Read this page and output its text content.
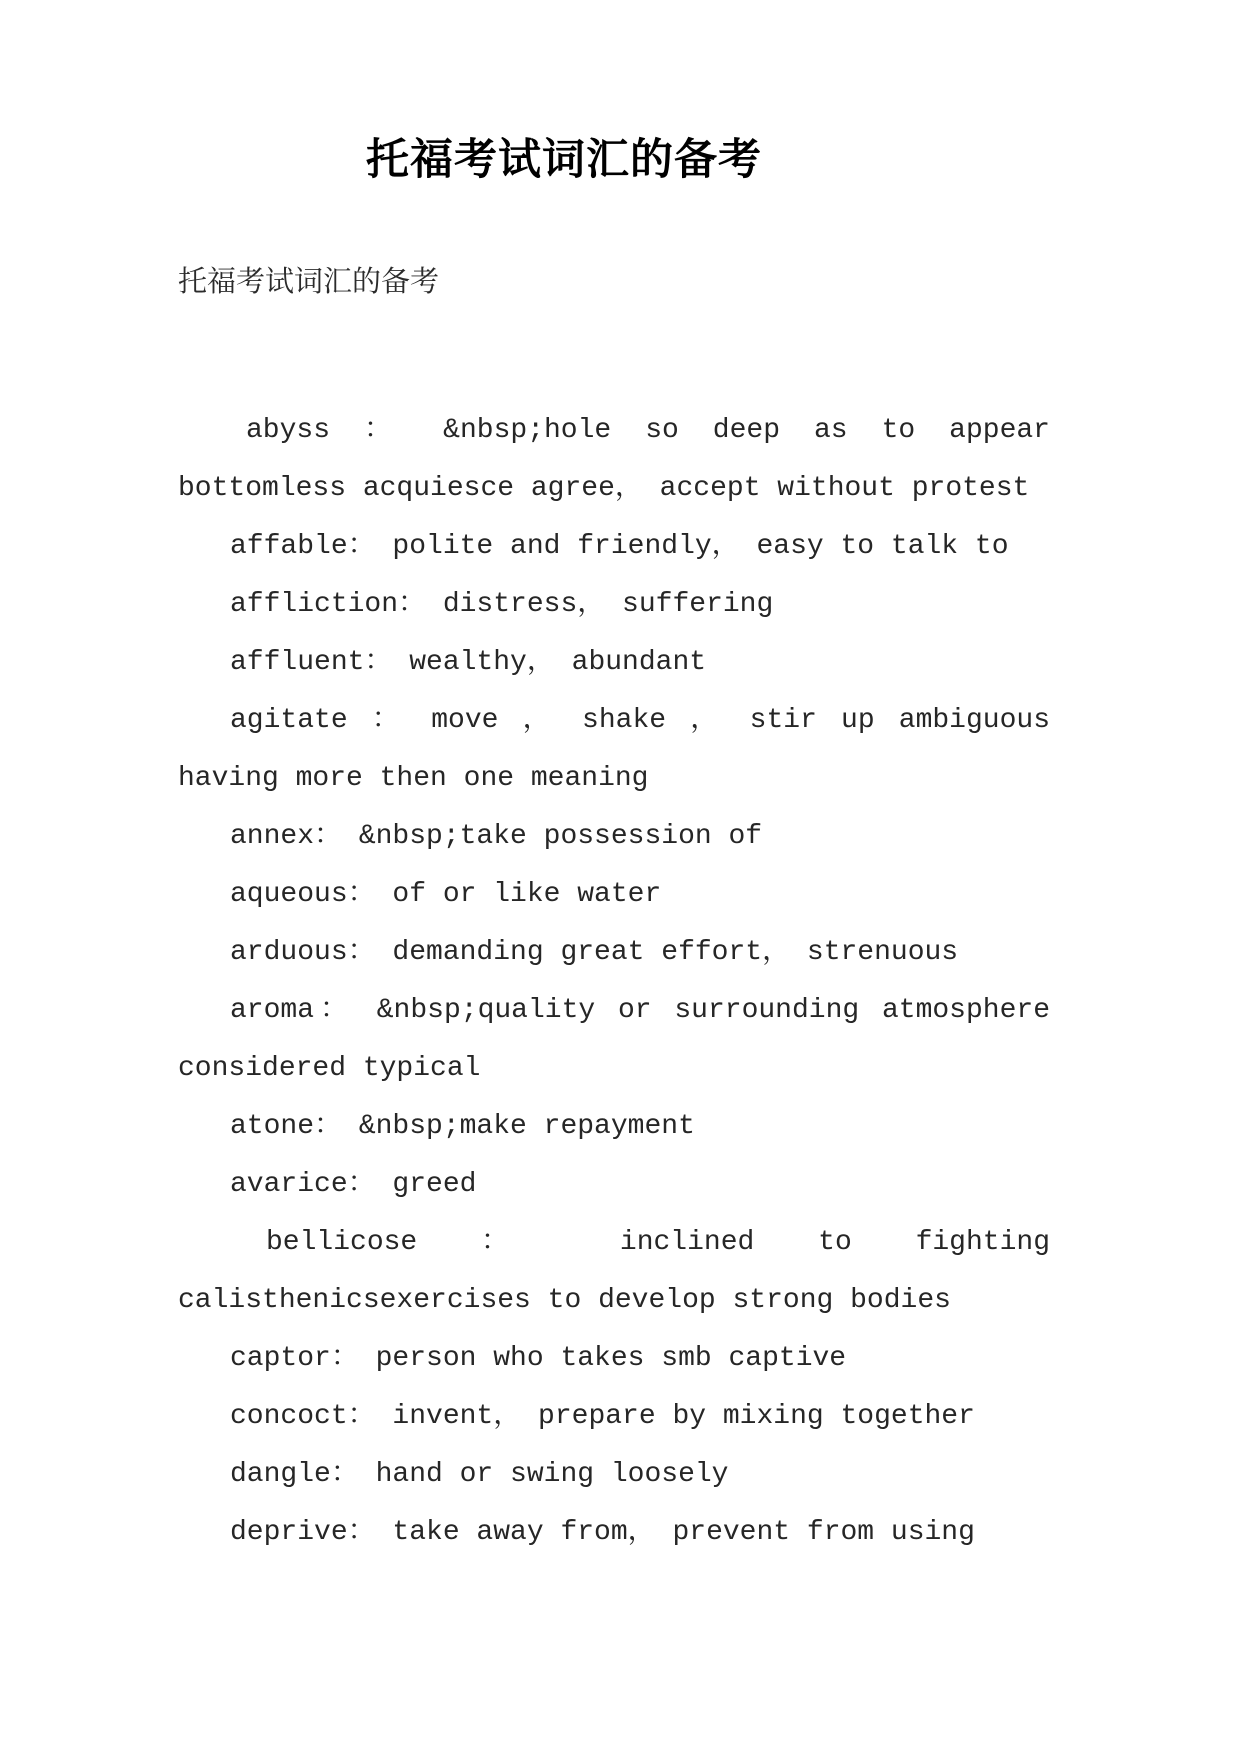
托福考试词汇的备考

托福考试词汇的备考

abyss ： &nbsp;hole so deep as to appear
bottomless acquiesce agree， accept without protest
affable： polite and friendly， easy to talk to
affliction： distress， suffering
affluent： wealthy， abundant
agitate ： move ， shake ， stir up ambiguous
having more then one meaning
annex： &nbsp;take possession of
aqueous： of or like water
arduous： demanding great effort， strenuous
aroma： &nbsp;quality or surrounding atmosphere
considered typical
atone： &nbsp;make repayment
avarice： greed
bellicose ： inclined to fighting
calisthenicsexercises to develop strong bodies
captor： person who takes smb captive
concoct： invent， prepare by mixing together
dangle： hand or swing loosely
deprive： take away from， prevent from using
